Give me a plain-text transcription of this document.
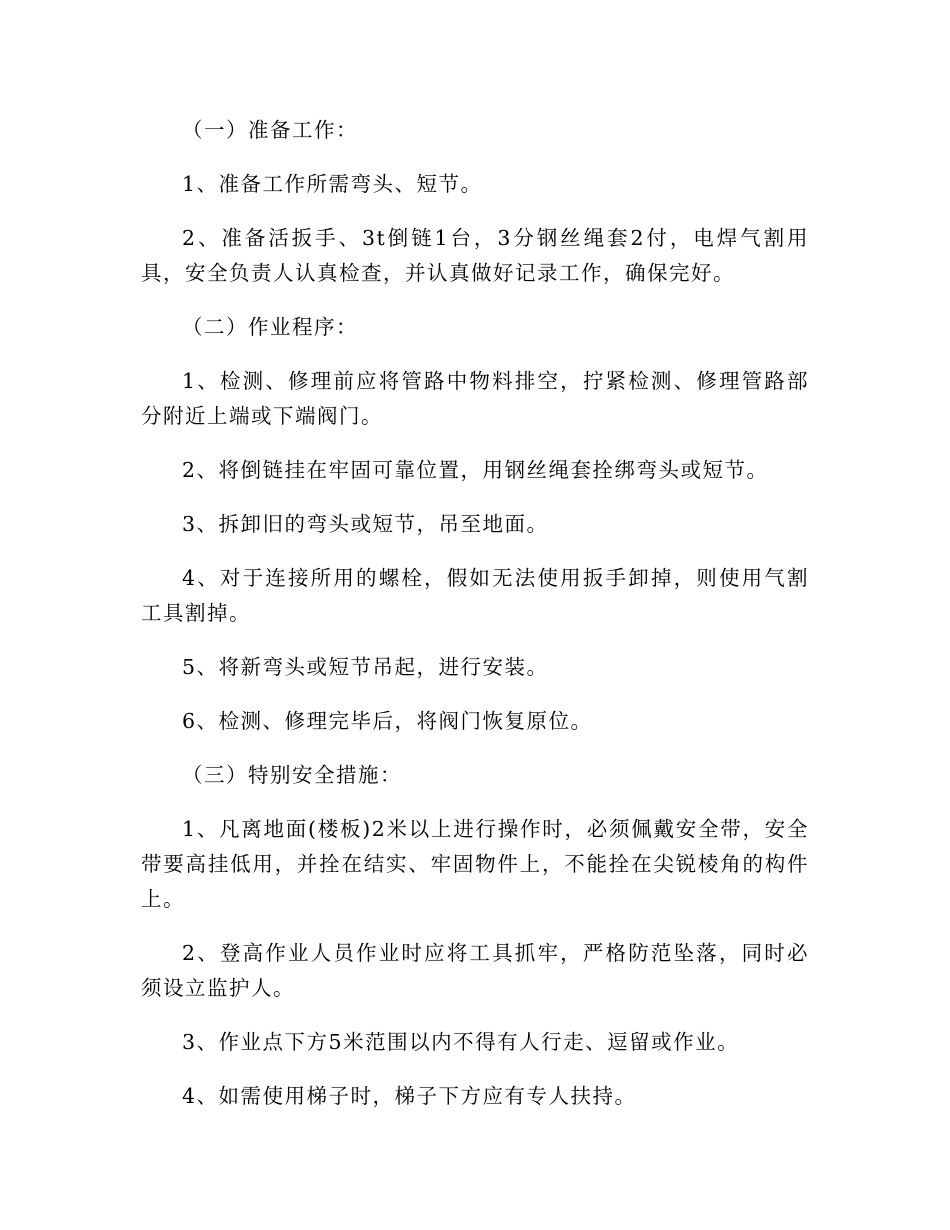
（一）准备工作：

1、准备工作所需弯头、短节。

2、准备活扳手、3t倒链1台，3分钢丝绳套2付，电焊气割用具，安全负责人认真检查，并认真做好记录工作，确保完好。

（二）作业程序：

1、检测、修理前应将管路中物料排空，拧紧检测、修理管路部分附近上端或下端阀门。

2、将倒链挂在牢固可靠位置，用钢丝绳套拴绑弯头或短节。

3、拆卸旧的弯头或短节，吊至地面。

4、对于连接所用的螺栓，假如无法使用扳手卸掉，则使用气割工具割掉。

5、将新弯头或短节吊起，进行安装。

6、检测、修理完毕后，将阀门恢复原位。

（三）特别安全措施：

1、凡离地面(楼板)2米以上进行操作时，必须佩戴安全带，安全带要高挂低用，并拴在结实、牢固物件上，不能拴在尖锐棱角的构件上。

2、登高作业人员作业时应将工具抓牢，严格防范坠落，同时必须设立监护人。

3、作业点下方5米范围以内不得有人行走、逗留或作业。

4、如需使用梯子时，梯子下方应有专人扶持。
